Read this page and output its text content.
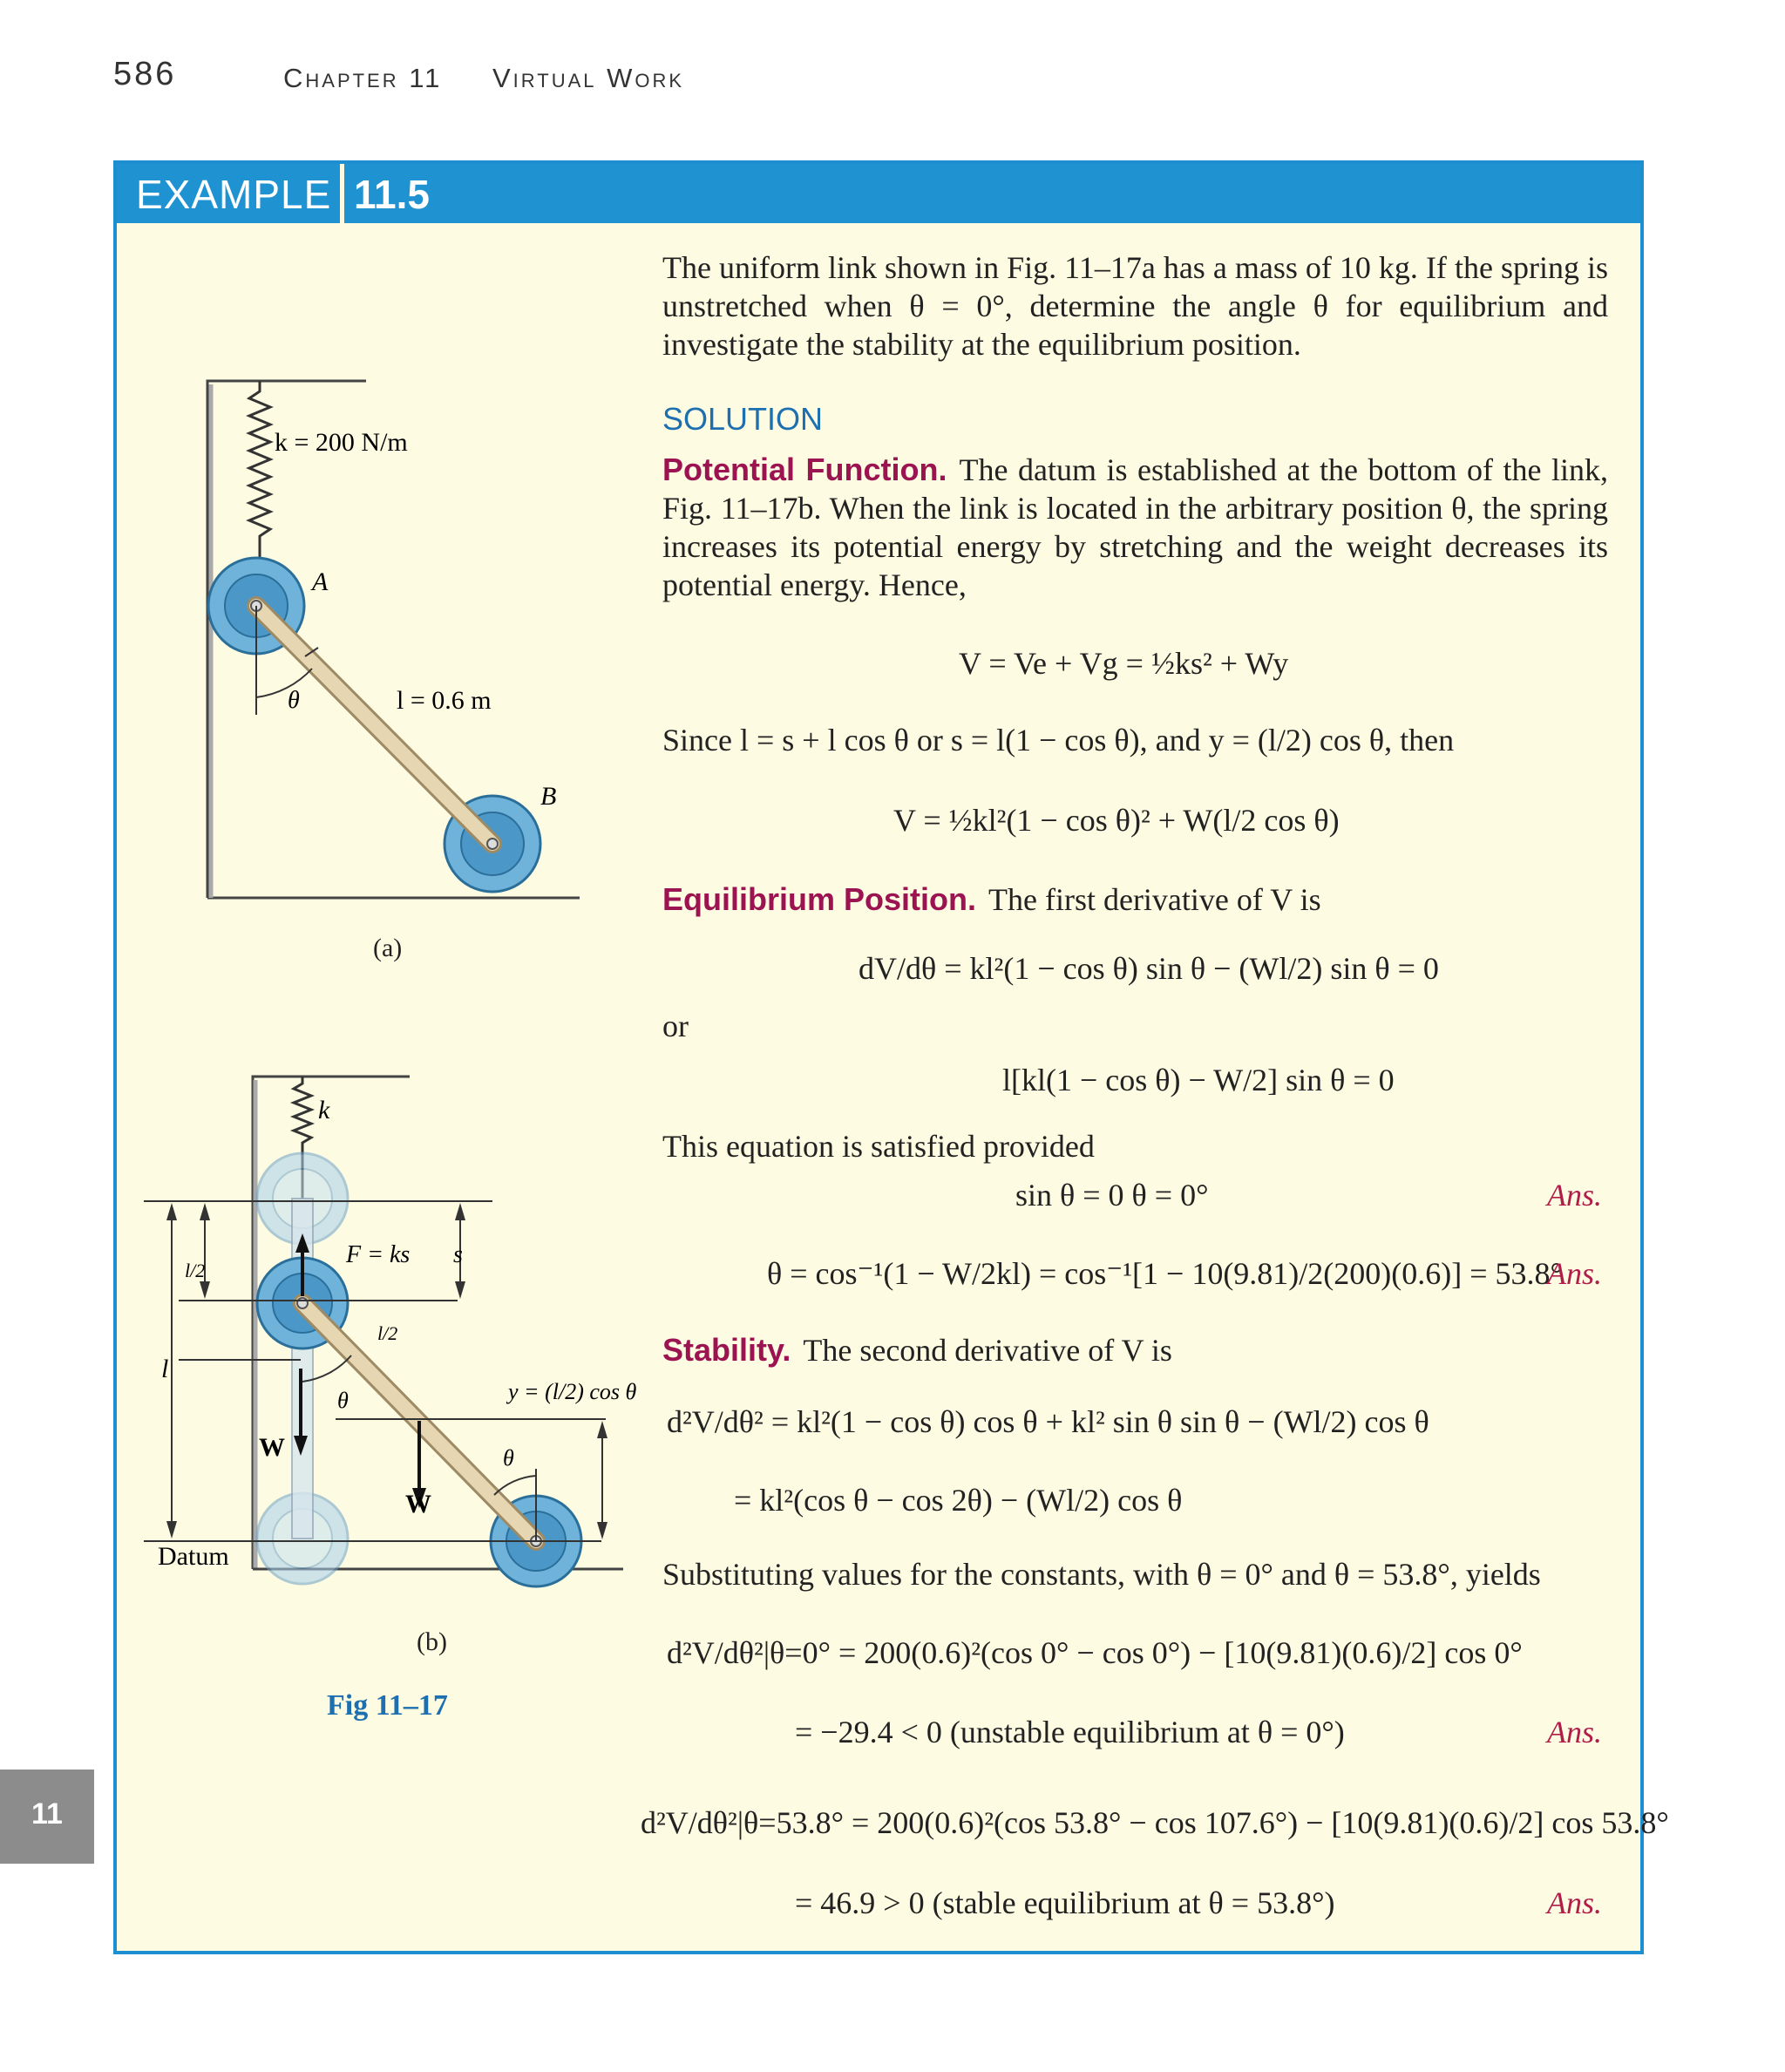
586	Chapter 11 Virtual Work
EXAMPLE 11.5
11
k = 200 N/m
A
θ	l = 0.6 m
B
(a)
k
F = ks s
l/2
l/2
l
y = (l/2) cos θ
θ
θ
W
W
Datum
(b)
Fig 11–17
The uniform link shown in Fig. 11–17a has a mass of 10 kg. If the spring is unstretched when θ = 0°, determine the angle θ for equilibrium and investigate the stability at the equilibrium position.
SOLUTION
Potential Function. The datum is established at the bottom of the link, Fig. 11–17b. When the link is located in the arbitrary position θ, the spring increases its potential energy by stretching and the weight decreases its potential energy. Hence,
V = Ve + Vg = ½ks² + Wy
Since l = s + l cos θ or s = l(1 − cos θ), and y = (l/2) cos θ, then
V = ½kl²(1 − cos θ)² + W(l/2 cos θ)
Equilibrium Position. The first derivative of V is
dV/dθ = kl²(1 − cos θ) sin θ − (Wl/2) sin θ = 0
or
l[kl(1 − cos θ) − W/2] sin θ = 0
This equation is satisfied provided
sin θ = 0 θ = 0°	Ans.
θ = cos⁻¹(1 − W/2kl) = cos⁻¹[1 − 10(9.81)/2(200)(0.6)] = 53.8°
Ans.
Stability. The second derivative of V is
d²V/dθ² = kl²(1 − cos θ) cos θ + kl² sin θ sin θ − (Wl/2) cos θ
= kl²(cos θ − cos 2θ) − (Wl/2) cos θ
Substituting values for the constants, with θ = 0° and θ = 53.8°, yields
d²V/dθ²|θ=0° = 200(0.6)²(cos 0° − cos 0°) − [10(9.81)(0.6)/2] cos 0°
= −29.4 < 0 (unstable equilibrium at θ = 0°)	Ans.
d²V/dθ²|θ=53.8° = 200(0.6)²(cos 53.8° − cos 107.6°) − [10(9.81)(0.6)/2] cos 53.8°
= 46.9 > 0 (stable equilibrium at θ = 53.8°)	Ans.
